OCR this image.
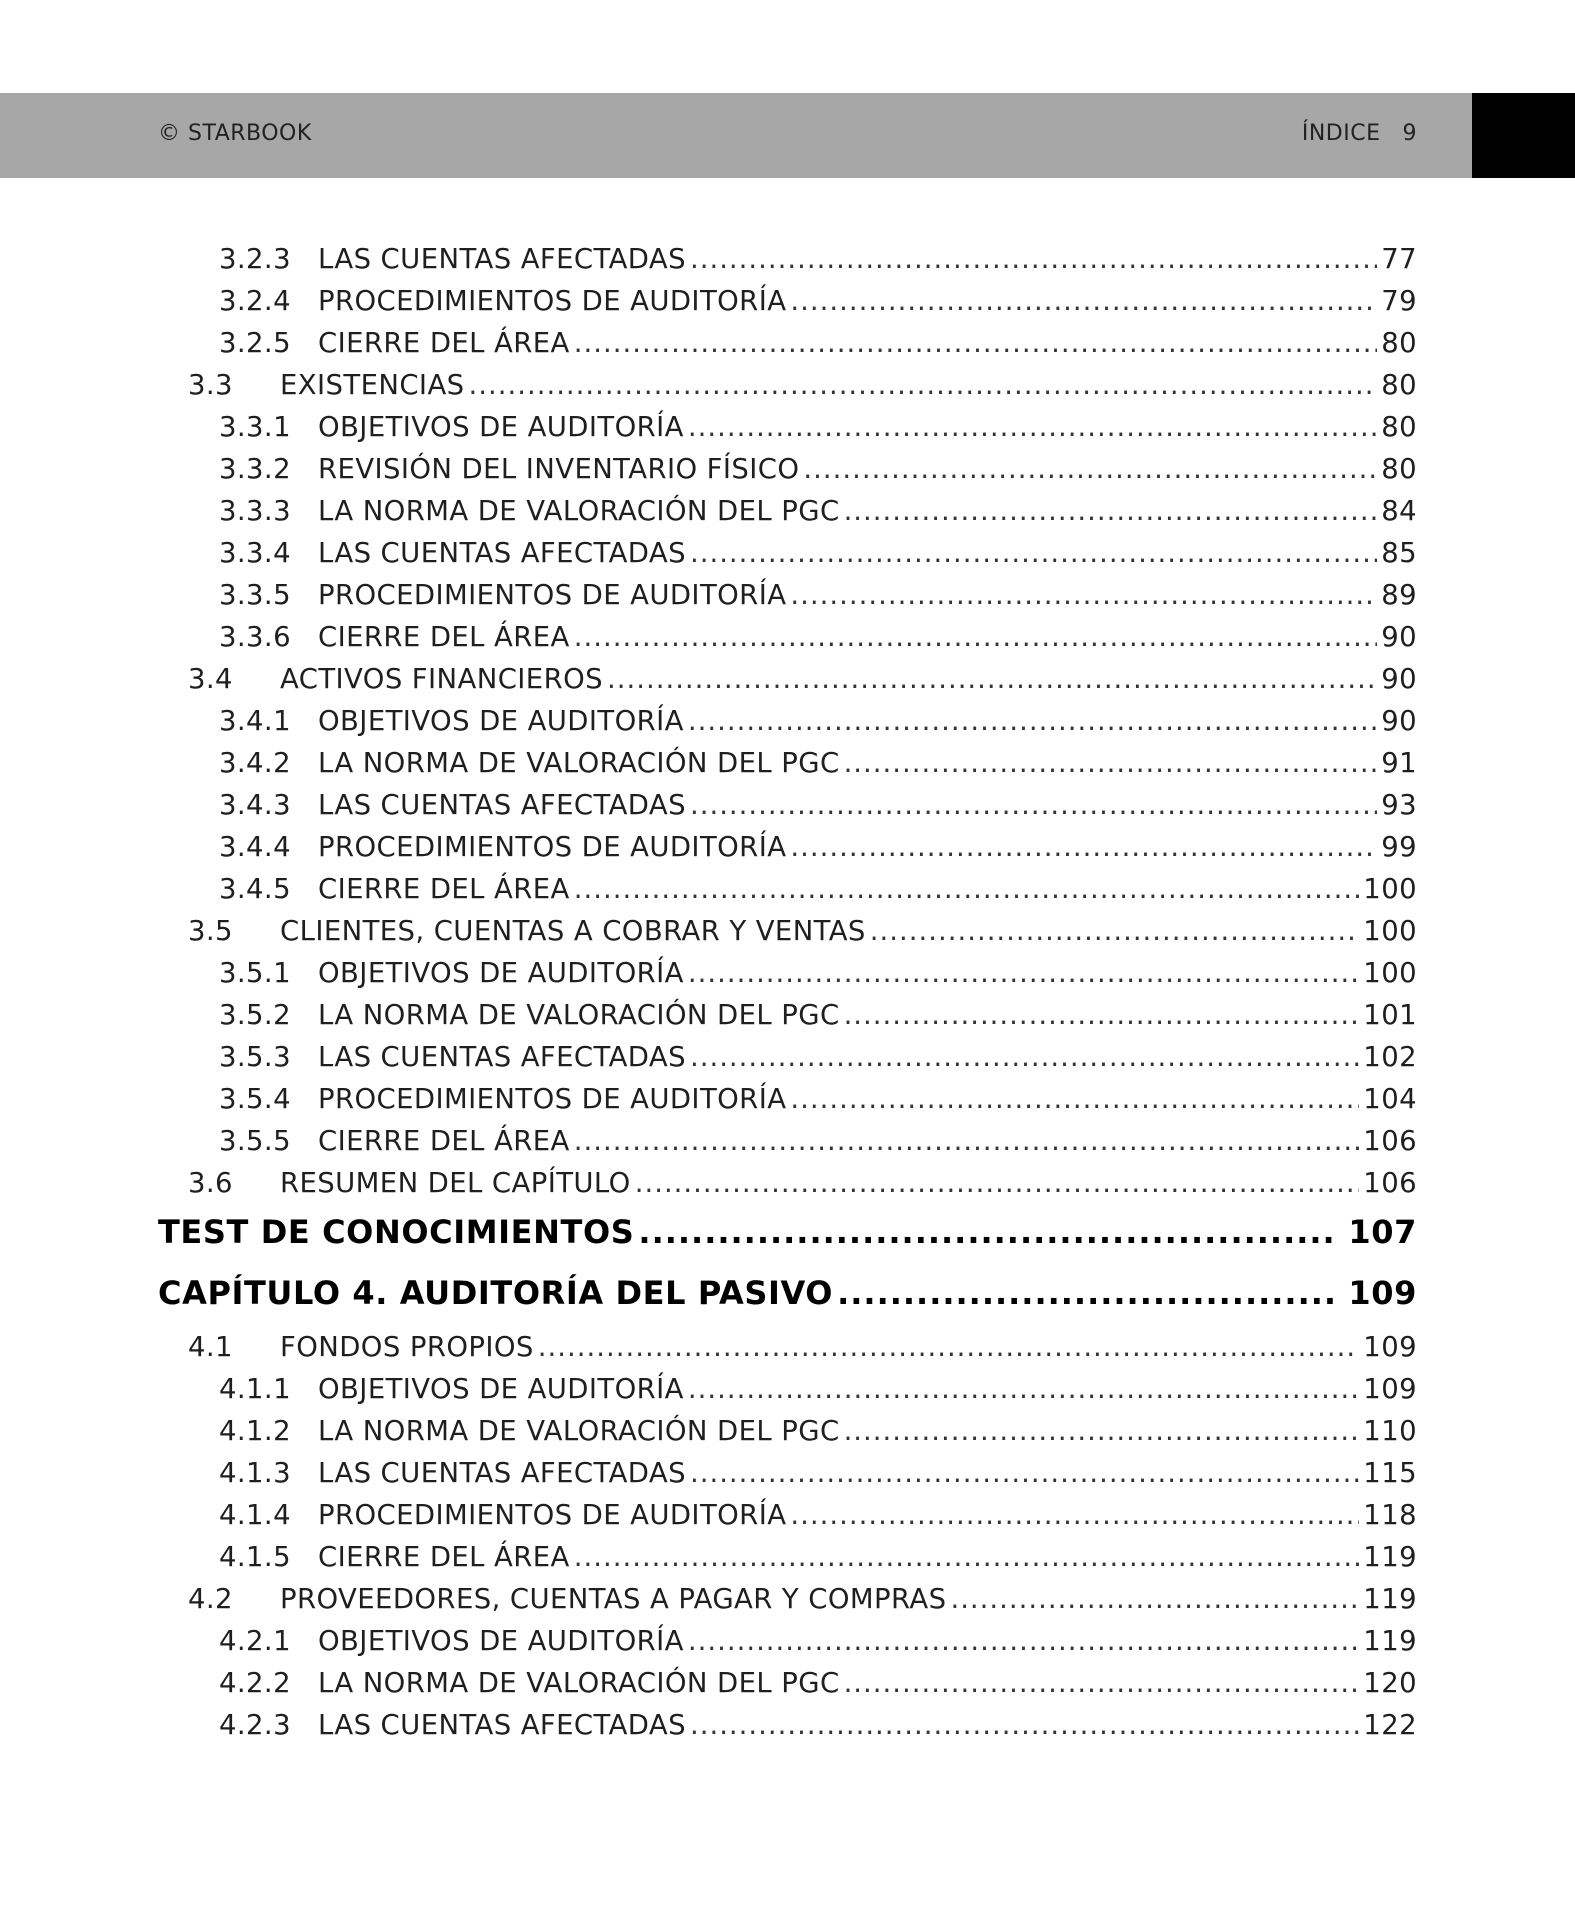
© STARBOOK	ÍNDICE 9
3.2.3 LAS CUENTAS AFECTADAS .....	77
3.2.4 PROCEDIMIENTOS DE AUDITORÍA .....	79
3.2.5 CIERRE DEL ÁREA .....	80
3.3	EXISTENCIAS .....	80
3.3.1 OBJETIVOS DE AUDITORÍA .....	80
3.3.2 REVISIÓN DEL INVENTARIO FÍSICO .....	80
3.3.3 LA NORMA DE VALORACIÓN DEL PGC .....	84
3.3.4 LAS CUENTAS AFECTADAS .....	85
3.3.5 PROCEDIMIENTOS DE AUDITORÍA .....	89
3.3.6 CIERRE DEL ÁREA .....	90
3.4	ACTIVOS FINANCIEROS .....	90
3.4.1 OBJETIVOS DE AUDITORÍA .....	90
3.4.2 LA NORMA DE VALORACIÓN DEL PGC .....	91
3.4.3 LAS CUENTAS AFECTADAS .....	93
3.4.4 PROCEDIMIENTOS DE AUDITORÍA .....	99
3.4.5 CIERRE DEL ÁREA .....	100
3.5	CLIENTES, CUENTAS A COBRAR Y VENTAS .....	100
3.5.1 OBJETIVOS DE AUDITORÍA .....	100
3.5.2 LA NORMA DE VALORACIÓN DEL PGC .....	101
3.5.3 LAS CUENTAS AFECTADAS .....	102
3.5.4 PROCEDIMIENTOS DE AUDITORÍA .....	104
3.5.5 CIERRE DEL ÁREA .....	106
3.6	RESUMEN DEL CAPÍTULO .....	106
TEST DE CONOCIMIENTOS .....	107
CAPÍTULO 4. AUDITORÍA DEL PASIVO .....	109
4.1	FONDOS PROPIOS .....	109
4.1.1 OBJETIVOS DE AUDITORÍA .....	109
4.1.2 LA NORMA DE VALORACIÓN DEL PGC .....	110
4.1.3 LAS CUENTAS AFECTADAS .....	115
4.1.4 PROCEDIMIENTOS DE AUDITORÍA .....	118
4.1.5 CIERRE DEL ÁREA .....	119
4.2	PROVEEDORES, CUENTAS A PAGAR Y COMPRAS .....	119
4.2.1 OBJETIVOS DE AUDITORÍA .....	119
4.2.2 LA NORMA DE VALORACIÓN DEL PGC .....	120
4.2.3 LAS CUENTAS AFECTADAS .....	122
